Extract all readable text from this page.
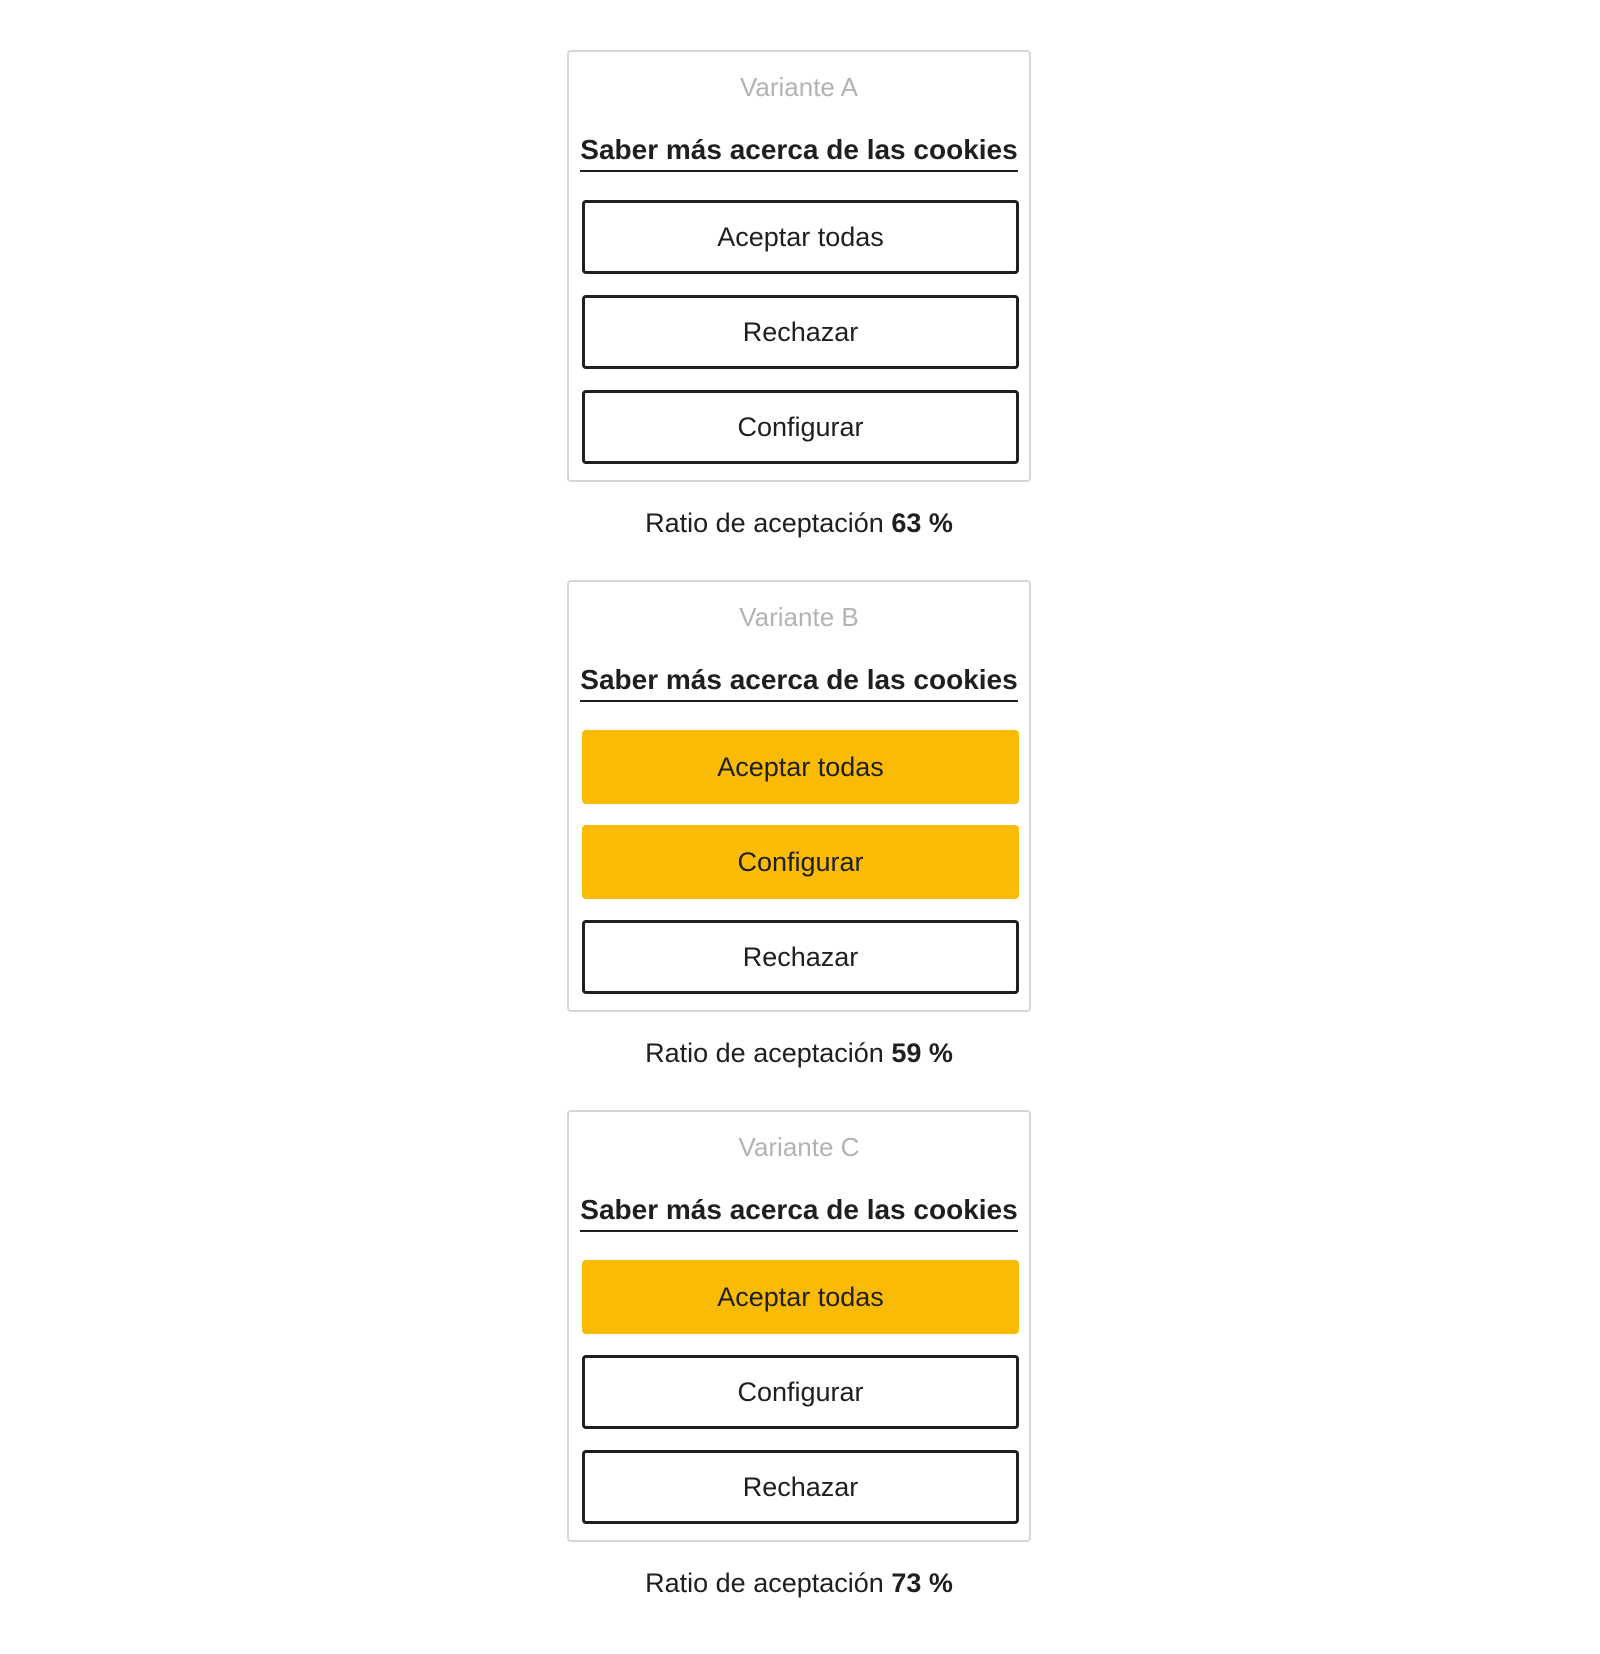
Variante A
Saber más acerca de las cookies
Aceptar todas
Rechazar
Configurar
Ratio de aceptación 63 %
Variante B
Saber más acerca de las cookies
Aceptar todas
Configurar
Rechazar
Ratio de aceptación 59 %
Variante C
Saber más acerca de las cookies
Aceptar todas
Configurar
Rechazar
Ratio de aceptación 73 %
